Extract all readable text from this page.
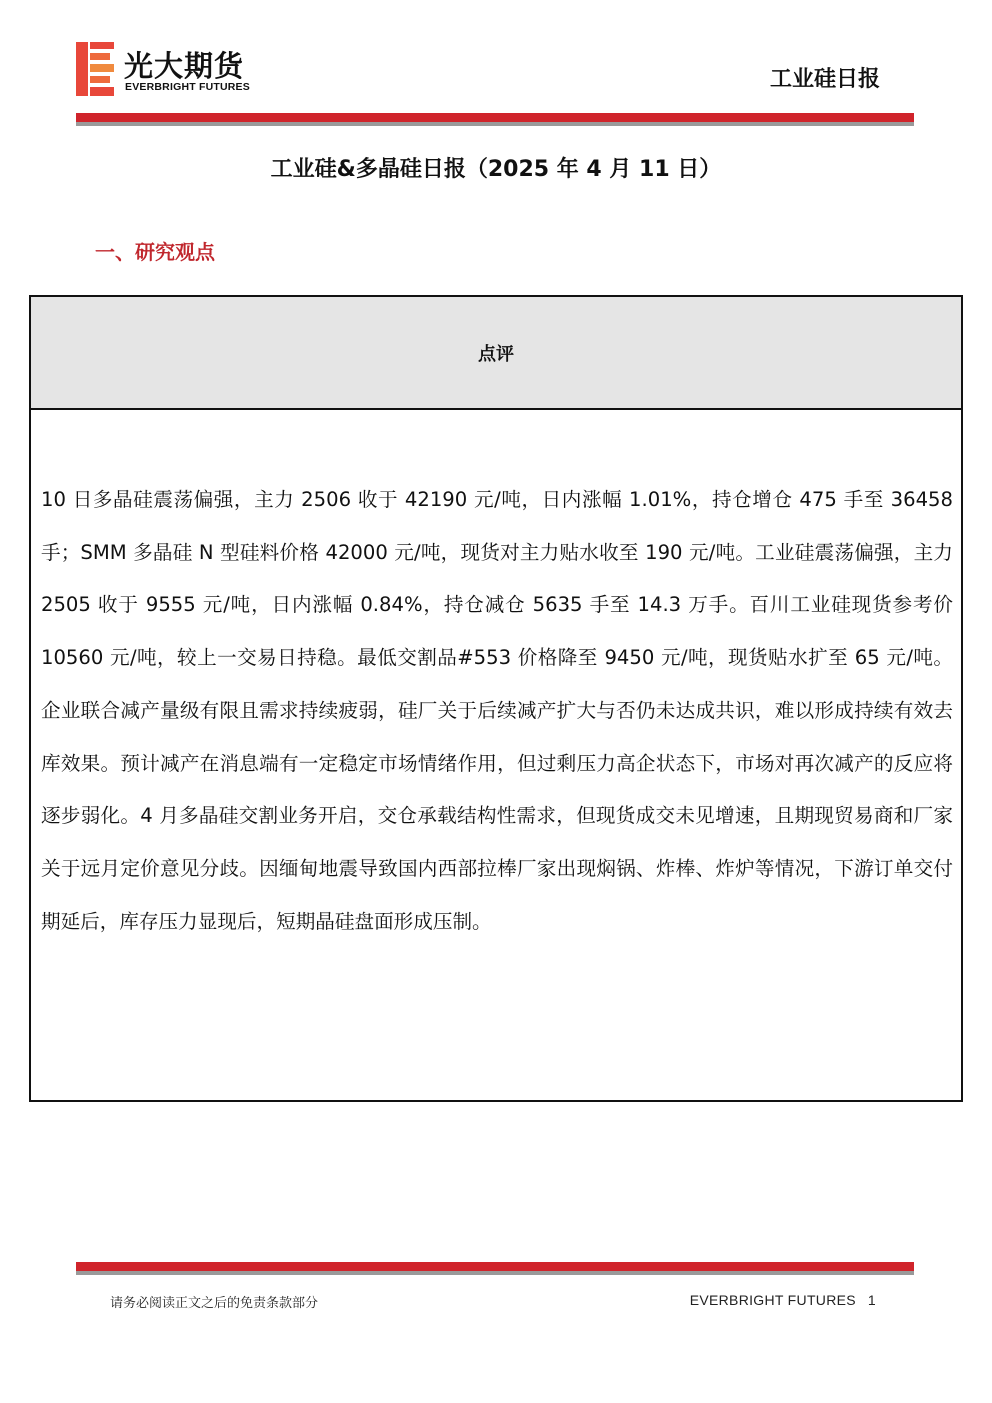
光大期货
EVERBRIGHT FUTURES	工业硅日报
工业硅&多晶硅日报（2025 年 4 月 11 日）
一、研究观点
点评
10 日多晶硅震荡偏强，主力 2506 收于 42190 元/吨，日内涨幅 1.01%，持仓增仓 475 手至 36458 手；SMM 多晶硅 N 型硅料价格 42000 元/吨，现货对主力贴水收至 190 元/吨。工业硅震荡偏强，主力 2505 收于 9555 元/吨，日内涨幅 0.84%，持仓减仓 5635 手至 14.3 万手。百川工业硅现货参考价 10560 元/吨，较上一交易日持稳。最低交割品#553 价格降至 9450 元/吨，现货贴水扩至 65 元/吨。企业联合减产量级有限且需求持续疲弱，硅厂关于后续减产扩大与否仍未达成共识，难以形成持续有效去库效果。预计减产在消息端有一定稳定市场情绪作用，但过剩压力高企状态下，市场对再次减产的反应将逐步弱化。4 月多晶硅交割业务开启，交仓承载结构性需求，但现货成交未见增速，且期现贸易商和厂家关于远月定价意见分歧。因缅甸地震导致国内西部拉棒厂家出现焖锅、炸棒、炸炉等情况，下游订单交付期延后，库存压力显现后，短期晶硅盘面形成压制。
请务必阅读正文之后的免责条款部分	EVERBRIGHT FUTURES 1
